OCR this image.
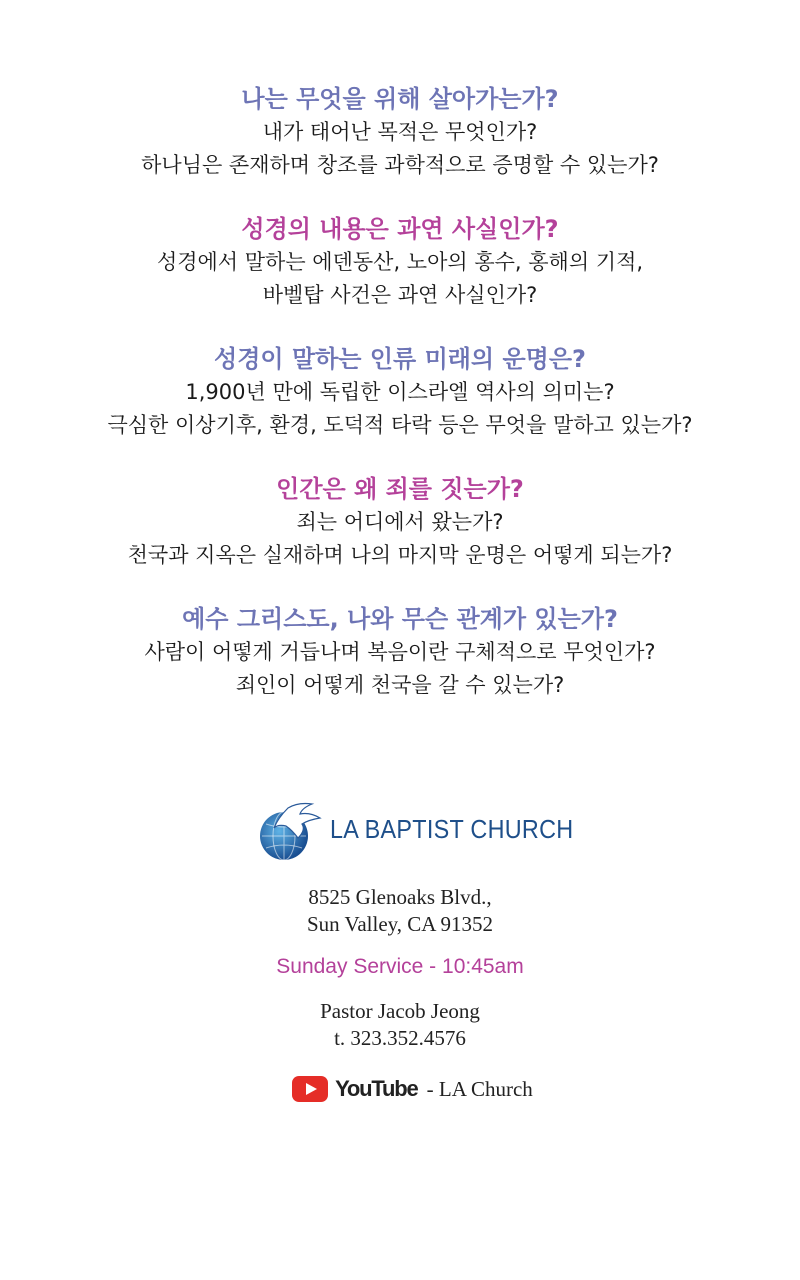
나는 무엇을 위해 살아가는가?

내가 태어난 목적은 무엇인가?

하나님은 존재하며 창조를 과학적으로 증명할 수 있는가?

성경의 내용은 과연 사실인가?

성경에서 말하는 에덴동산, 노아의 홍수, 홍해의 기적,

바벨탑 사건은 과연 사실인가?

성경이 말하는 인류 미래의 운명은?

1,900년 만에 독립한 이스라엘 역사의 의미는?

극심한 이상기후, 환경, 도덕적 타락 등은 무엇을 말하고 있는가?

인간은 왜 죄를 짓는가?

죄는 어디에서 왔는가?

천국과 지옥은 실재하며 나의 마지막 운명은 어떻게 되는가?

예수 그리스도, 나와 무슨 관계가 있는가?

사람이 어떻게 거듭나며 복음이란 구체적으로 무엇인가?

죄인이 어떻게 천국을 갈 수 있는가?

LA BAPTIST CHURCH
8525 Glenoaks Blvd.,
Sun Valley, CA 91352
Sunday Service - 10:45am
Pastor Jacob Jeong
t. 323.352.4576
YouTube - LA Church
